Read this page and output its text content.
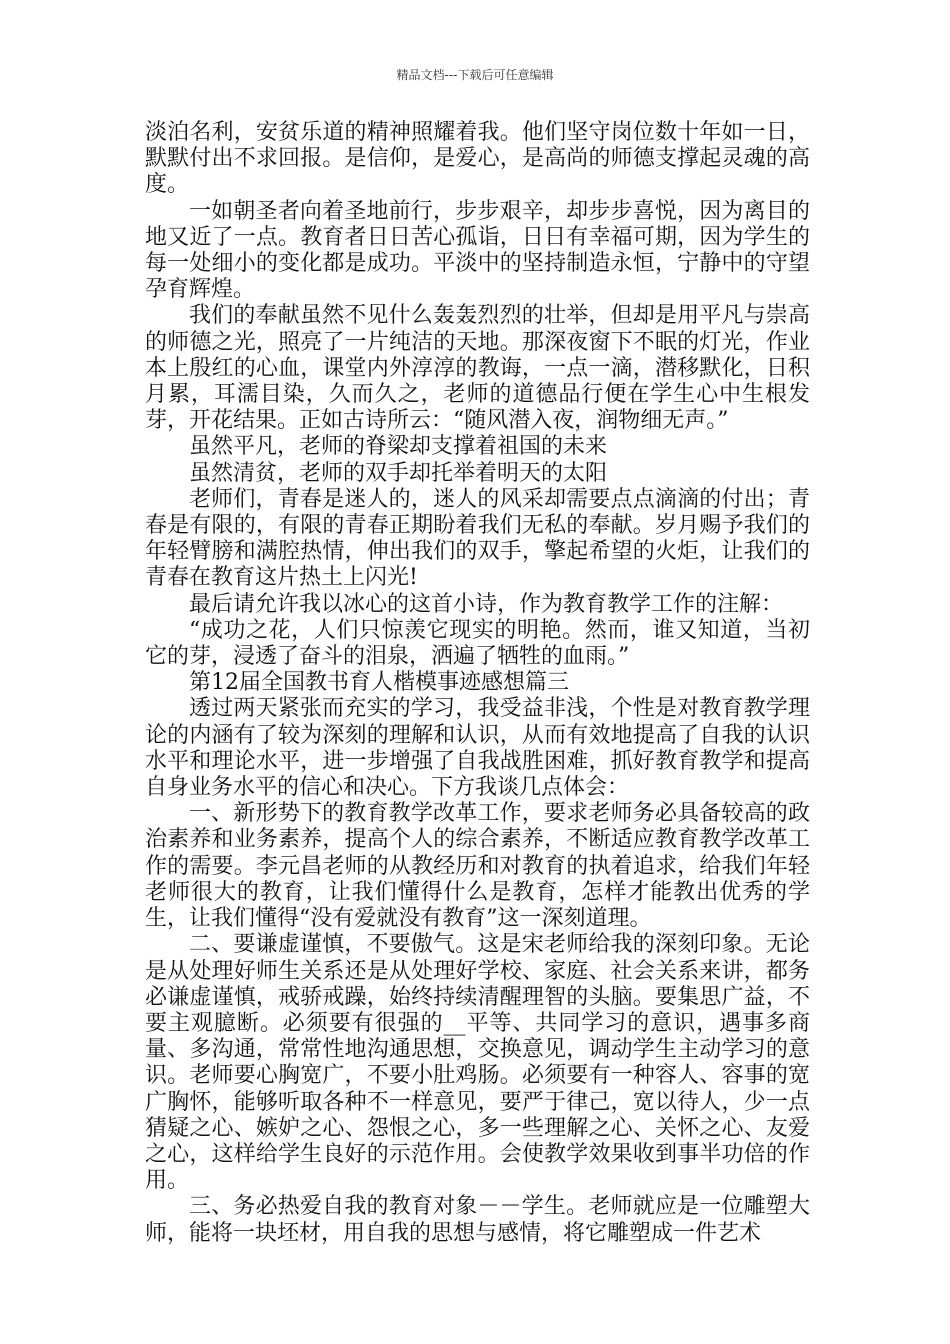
精品文档---下载后可任意编辑

淡泊名利，安贫乐道的精神照耀着我。他们坚守岗位数十年如一日，默默付出不求回报。是信仰，是爱心，是高尚的师德支撑起灵魂的高度。

一如朝圣者向着圣地前行，步步艰辛，却步步喜悦，因为离目的地又近了一点。教育者日日苦心孤诣，日日有幸福可期，因为学生的每一处细小的变化都是成功。平淡中的坚持制造永恒，宁静中的守望孕育辉煌。

我们的奉献虽然不见什么轰轰烈烈的壮举，但却是用平凡与崇高的师德之光，照亮了一片纯洁的天地。那深夜窗下不眠的灯光，作业本上殷红的心血，课堂内外淳淳的教诲，一点一滴，潜移默化，日积月累，耳濡目染，久而久之，老师的道德品行便在学生心中生根发芽，开花结果。正如古诗所云：“随风潜入夜，润物细无声。”

虽然平凡，老师的脊梁却支撑着祖国的未来

虽然清贫，老师的双手却托举着明天的太阳

老师们，青春是迷人的，迷人的风采却需要点点滴滴的付出；青春是有限的，有限的青春正期盼着我们无私的奉献。岁月赐予我们的年轻臂膀和满腔热情，伸出我们的双手，擎起希望的火炬，让我们的青春在教育这片热土上闪光!

最后请允许我以冰心的这首小诗，作为教育教学工作的注解：

“成功之花，人们只惊羡它现实的明艳。然而，谁又知道，当初它的芽，浸透了奋斗的泪泉，洒遍了牺牲的血雨。”

第12届全国教书育人楷模事迹感想篇三

透过两天紧张而充实的学习，我受益非浅，个性是对教育教学理论的内涵有了较为深刻的理解和认识，从而有效地提高了自我的认识水平和理论水平，进一步增强了自我战胜困难，抓好教育教学和提高自身业务水平的信心和决心。下方我谈几点体会：

一、新形势下的教育教学改革工作，要求老师务必具备较高的政治素养和业务素养，提高个人的综合素养，不断适应教育教学改革工作的需要。李元昌老师的从教经历和对教育的执着追求，给我们年轻老师很大的教育，让我们懂得什么是教育，怎样才能教出优秀的学生，让我们懂得“没有爱就没有教育”这一深刻道理。

二、要谦虚谨慎，不要傲气。这是宋老师给我的深刻印象。无论是从处理好师生关系还是从处理好学校、家庭、社会关系来讲，都务必谦虚谨慎，戒骄戒躁，始终持续清醒理智的头脑。要集思广益，不要主观臆断。必须要有很强的__平等、共同学习的意识，遇事多商量、多沟通，常常性地沟通思想，交换意见，调动学生主动学习的意识。老师要心胸宽广，不要小肚鸡肠。必须要有一种容人、容事的宽广胸怀，能够听取各种不一样意见，要严于律己，宽以待人，少一点猜疑之心、嫉妒之心、怨恨之心，多一些理解之心、关怀之心、友爱之心，这样给学生良好的示范作用。会使教学效果收到事半功倍的作用。

三、务必热爱自我的教育对象－－学生。老师就应是一位雕塑大师，能将一块坯材，用自我的思想与感情，将它雕塑成一件艺术
